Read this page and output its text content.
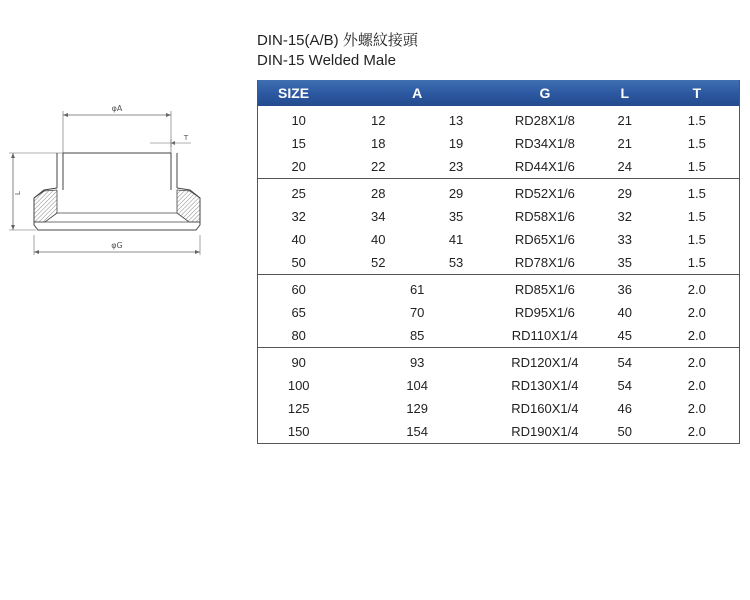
DIN-15(A/B) 外螺紋接頭
DIN-15 Welded Male
φA
T
L
φG
SIZE	A		G	L	T
10	12	13	RD28X1/8	21	1.5
15	18	19	RD34X1/8	21	1.5
20	22	23	RD44X1/6	24	1.5
25	28	29	RD52X1/6	29	1.5
32	34	35	RD58X1/6	32	1.5
40	40	41	RD65X1/6	33	1.5
50	52	53	RD78X1/6	35	1.5
60	61		RD85X1/6	36	2.0
65	70		RD95X1/6	40	2.0
80	85		RD110X1/4	45	2.0
90	93		RD120X1/4	54	2.0
100	104		RD130X1/4	54	2.0
125	129		RD160X1/4	46	2.0
150	154		RD190X1/4	50	2.0
